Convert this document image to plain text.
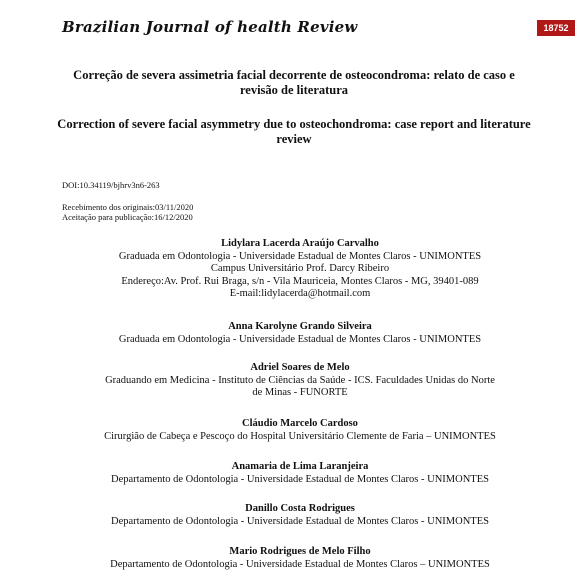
Brazilian Journal of health Review	18752
Correção de severa assimetria facial decorrente de osteocondroma: relato de caso e revisão de literatura
Correction of severe facial asymmetry due to osteochondroma: case report and literature review
DOI:10.34119/bjhrv3n6-263
Recebimento dos originais:03/11/2020
Aceitação para publicação:16/12/2020
Lidylara Lacerda Araújo Carvalho
Graduada em Odontologia - Universidade Estadual de Montes Claros - UNIMONTES
Campus Universitário Prof. Darcy Ribeiro
Endereço:Av. Prof. Rui Braga, s/n - Vila Mauriceia, Montes Claros - MG, 39401-089
E-mail:lidylacerda@hotmail.com
Anna Karolyne Grando Silveira
Graduada em Odontologia - Universidade Estadual de Montes Claros - UNIMONTES
Adriel Soares de Melo
Graduando em Medicina - Instituto de Ciências da Saúde - ICS. Faculdades Unidas do Norte de Minas - FUNORTE
Cláudio Marcelo Cardoso
Cirurgião de Cabeça e Pescoço do Hospital Universitário Clemente de Faria – UNIMONTES
Anamaria de Lima Laranjeira
Departamento de Odontologia - Universidade Estadual de Montes Claros - UNIMONTES
Danillo Costa Rodrigues
Departamento de Odontologia - Universidade Estadual de Montes Claros - UNIMONTES
Mario Rodrigues de Melo Filho
Departamento de Odontologia - Universidade Estadual de Montes Claros – UNIMONTES
